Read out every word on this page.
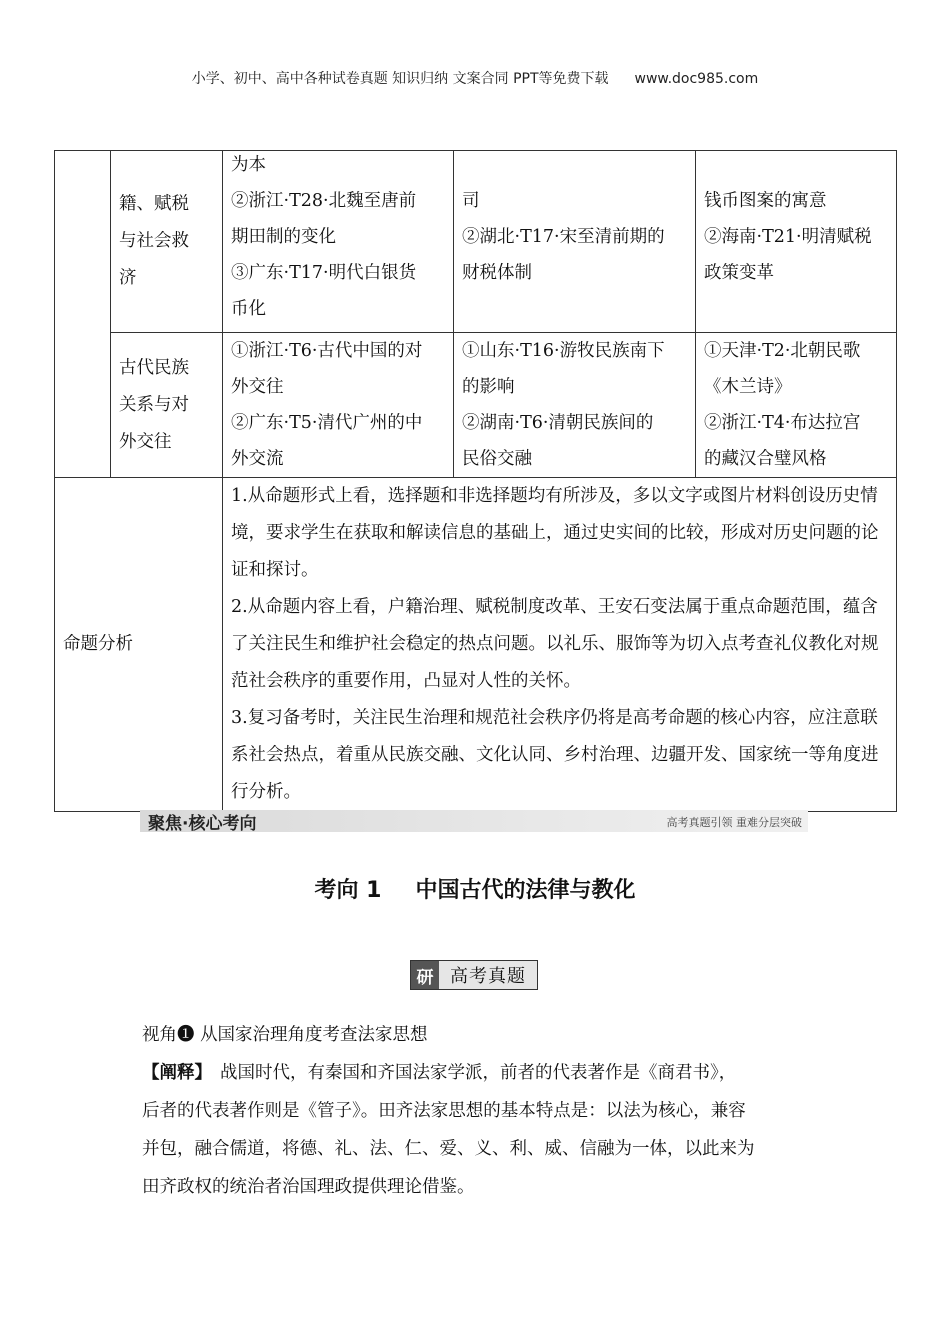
小学、初中、高中各种试卷真题 知识归纳 文案合同 PPT等免费下载 www.doc985.com

	籍、赋税
与社会救
济	为本
②浙江·T28·北魏至唐前
期田制的变化
③广东·T17·明代白银货
币化	司
②湖北·T17·宋至清前期的
财税体制	钱币图案的寓意
②海南·T21·明清赋税
政策变革

	古代民族
关系与对
外交往	①浙江·T6·古代中国的对
外交往
②广东·T5·清代广州的中
外交流	①山东·T16·游牧民族南下
的影响
②湖南·T6·清朝民族间的
民俗交融	①天津·T2·北朝民歌
《木兰诗》
②浙江·T4·布达拉宫
的藏汉合璧风格

命题分析		1.从命题形式上看，选择题和非选择题均有所涉及，多以文字或图片材料创设历史情境，要求学生在获取和解读信息的基础上，通过史实间的比较，形成对历史问题的论证和探讨。

2.从命题内容上看，户籍治理、赋税制度改革、王安石变法属于重点命题范围，蕴含了关注民生和维护社会稳定的热点问题。以礼乐、服饰等为切入点考查礼仪教化对规范社会秩序的重要作用，凸显对人性的关怀。

3.复习备考时，关注民生治理和规范社会秩序仍将是高考命题的核心内容，应注意联系社会热点，着重从民族交融、文化认同、乡村治理、边疆开发、国家统一等角度进行分析。		

聚焦·核心考向	高考真题引领 重难分层突破
考向 1 中国古代的法律与教化
研 高考真题

视角❶ 从国家治理角度考查法家思想

【阐释】 战国时代，有秦国和齐国法家学派，前者的代表著作是《商君书》，

后者的代表著作则是《管子》。田齐法家思想的基本特点是：以法为核心，兼容

并包，融合儒道，将德、礼、法、仁、爱、义、利、威、信融为一体，以此来为

田齐政权的统治者治国理政提供理论借鉴。
